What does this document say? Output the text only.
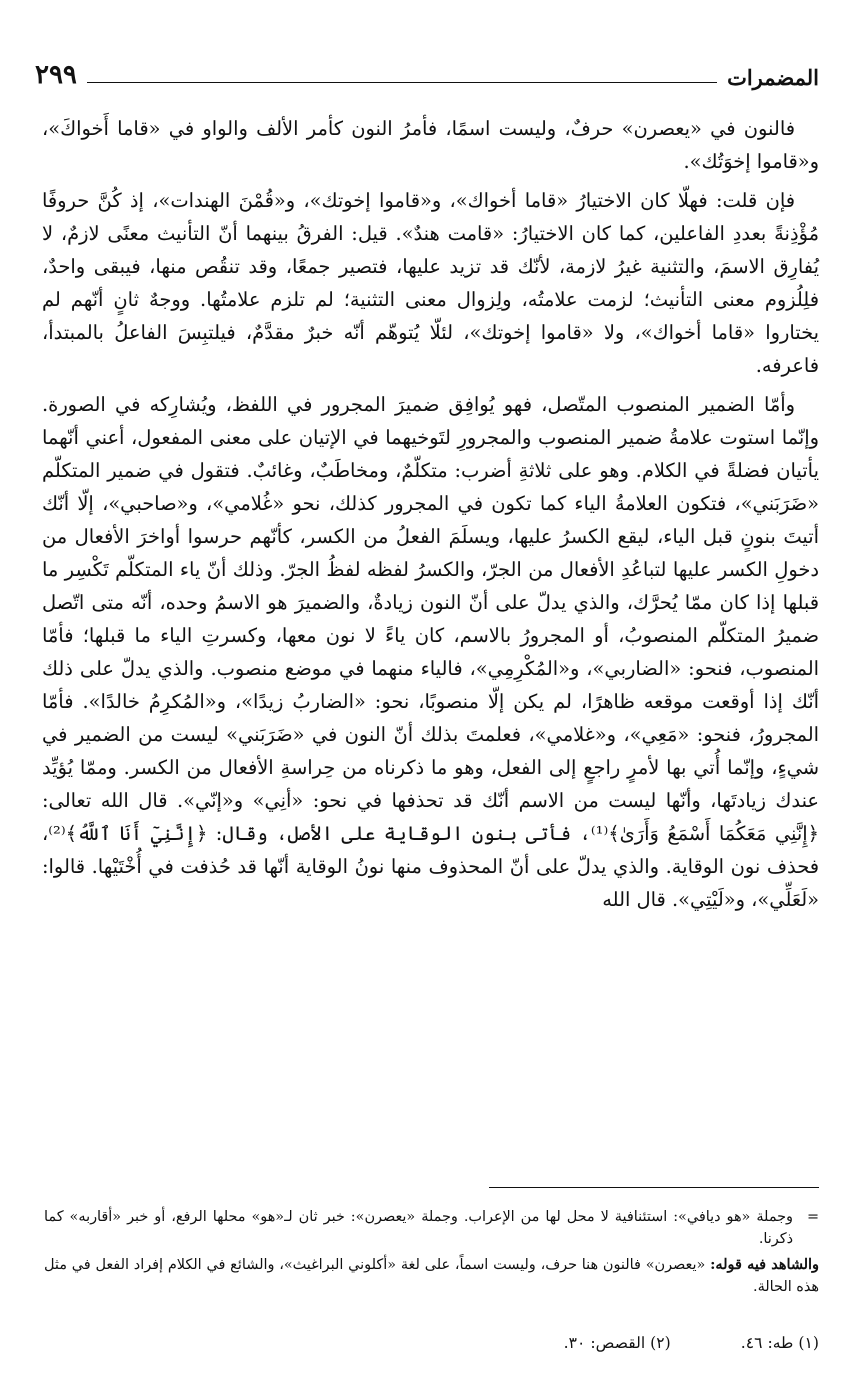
المضمرات
٢٩٩

فالنون في «يعصرن» حرفٌ، وليست اسمًا، فأمرُ النون كأمر الألف والواو في «قاما أَخواكَ»، و«قاموا إخوَتُك».

فإن قلت: فهلّا كان الاختيارُ «قاما أخواك»، و«قاموا إخوتك»، و«قُمْنَ الهندات»، إذ كُنَّ حروفًا مُؤْذِنةً بعددِ الفاعلين، كما كان الاختيارُ: «قامت هندٌ». قيل: الفرقُ بينهما أنّ التأنيث معنًى لازمٌ، لا يُفارِق الاسمَ، والتثنية غيرُ لازمة، لأنّك قد تزيد عليها، فتصير جمعًا، وقد تنقُص منها، فيبقى واحدٌ، فلِلُزوم معنى التأنيث؛ لزمت علامتُه، ولِزوال معنى التثنية؛ لم تلزم علامتُها. ووجهٌ ثانٍ أنّهم لم يختاروا «قاما أخواك»، ولا «قاموا إخوتك»، لئلّا يُتوهّم أنّه خبرٌ مقدَّمٌ، فيلتبِسَ الفاعلُ بالمبتدأ، فاعرفه.

وأمّا الضمير المنصوب المتّصل، فهو يُوافِق ضميرَ المجرور في اللفظ، ويُشارِكه في الصورة. وإنّما استوت علامةُ ضمير المنصوب والمجرورِ لتَوخيهما في الإتيان على معنى المفعول، أعني أنّهما يأتيان فضلةً في الكلام. وهو على ثلاثةِ أضرب: متكلّمٌ، ومخاطَبٌ، وغائبٌ. فتقول في ضمير المتكلّم «ضَرَبَني»، فتكون العلامةُ الياء كما تكون في المجرور كذلك، نحو «غُلامي»، و«صاحبي»، إلّا أنّك أتيتَ بنونٍ قبل الياء، ليقع الكسرُ عليها، ويسلَمَ الفعلُ من الكسر، كأنّهم حرسوا أواخرَ الأفعال من دخولِ الكسر عليها لتباعُدِ الأفعال من الجرّ، والكسرُ لفظه لفظُ الجرّ. وذلك أنّ ياء المتكلّم تَكْسِر ما قبلها إذا كان ممّا يُحرَّك، والذي يدلّ على أنّ النون زيادةٌ، والضميرَ هو الاسمُ وحده، أنّه متى اتّصل ضميرُ المتكلّم المنصوبُ، أو المجرورُ بالاسم، كان ياءً لا نون معها، وكسرتِ الياء ما قبلها؛ فأمّا المنصوب، فنحو: «الضاربي»، و«المُكْرِمِي»، فالياء منهما في موضع منصوب. والذي يدلّ على ذلك أنّك إذا أوقعت موقعه ظاهرًا، لم يكن إلّا منصوبًا، نحو: «الضاربُ زيدًا»، و«المُكرِمُ خالدًا». فأمّا المجرورُ، فنحو: «مَعِي»، و«غلامي»، فعلمتَ بذلك أنّ النون في «ضَرَبَني» ليست من الضمير في شيءٍ، وإنّما أُتي بها لأمرٍ راجعٍ إلى الفعل، وهو ما ذكرناه من حِراسةِ الأفعال من الكسر. وممّا يُؤيِّد عندك زيادتَها، وأنّها ليست من الاسم أنّك قد تحذفها في نحو: «أنِي» و«إنّي». قال الله تعالى: ﴿إِنَّنِي مَعَكُمَا أَسْمَعُ وَأَرَىٰ﴾⁽¹⁾، فأتى بنون الوقاية على الأصل، وقال: ﴿إِنَّنِيٓ أَنَا ٱللَّهُ﴾⁽²⁾، فحذف نون الوقاية. والذي يدلّ على أنّ المحذوف منها نونُ الوقاية أنّها قد حُذفت في أُخْتَيْها. قالوا: «لَعَلِّي»، و«لَيْتِي». قال الله

=
وجملة «هو ديافي»: استئنافية لا محل لها من الإعراب. وجملة «يعصرن»: خبر ثان لـ«هو» محلها الرفع، أو خبر «أقاربه» كما ذكرنا.

والشاهد فيه قوله: «يعصرن» فالنون هنا حرف، وليست اسماً، على لغة «أكلوني البراغيث»، والشائع في الكلام إفراد الفعل في مثل هذه الحالة.

(١) طه: ٤٦.
(٢) القصص: ٣٠.
